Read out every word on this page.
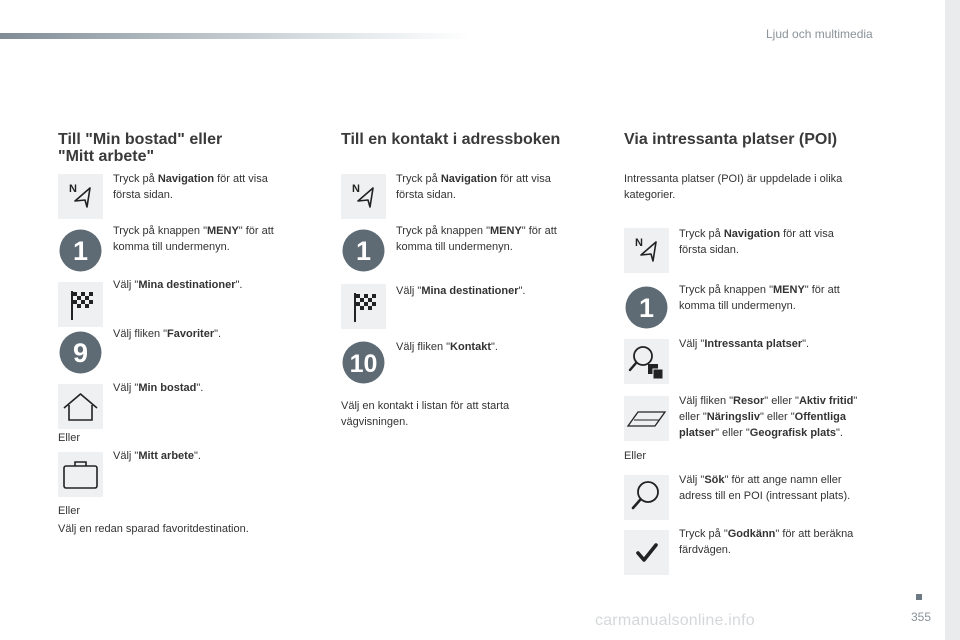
Ljud och multimedia
355
carmanualsonline.info
Till "Min bostad" eller
"Mitt arbete"
N
Tryck på Navigation för att visa
första sidan.
1
Tryck på knappen "MENY" för att
komma till undermenyn.
Välj "Mina destinationer".
9
Välj fliken "Favoriter".
Välj "Min bostad".
Eller
Välj "Mitt arbete".
Eller
Välj en redan sparad favoritdestination.
Till en kontakt i adressboken
N
Tryck på Navigation för att visa
första sidan.
1
Tryck på knappen "MENY" för att
komma till undermenyn.
Välj "Mina destinationer".
10
Välj fliken "Kontakt".
Välj en kontakt i listan för att starta
vägvisningen.
Via intressanta platser (POI)
Intressanta platser (POI) är uppdelade i olika
kategorier.
N
Tryck på Navigation för att visa
första sidan.
1
Tryck på knappen "MENY" för att
komma till undermenyn.
Välj "Intressanta platser".
Välj fliken "Resor" eller "Aktiv fritid"
eller "Näringsliv" eller "Offentliga
platser" eller "Geografisk plats".
Eller
Välj "Sök" för att ange namn eller
adress till en POI (intressant plats).
Tryck på "Godkänn" för att beräkna
färdvägen.
